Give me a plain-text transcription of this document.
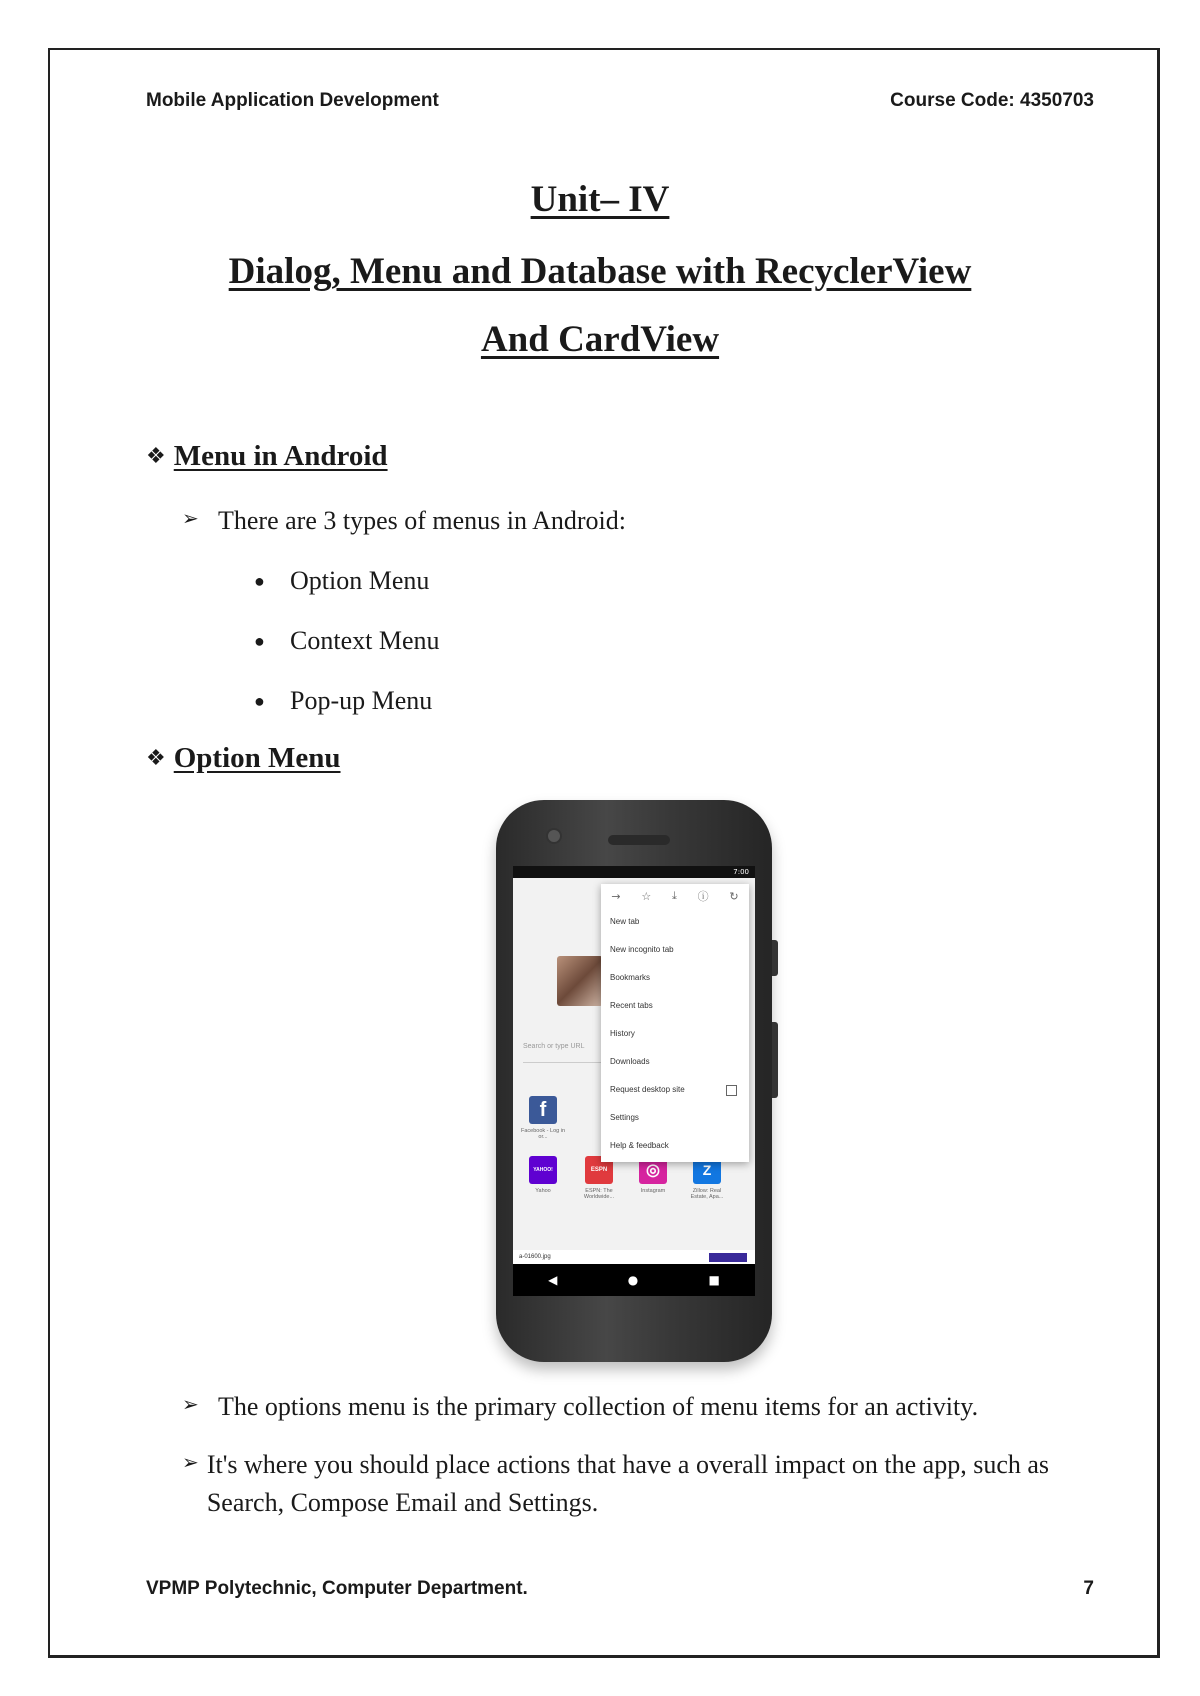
Mobile Application Development	Course Code: 4350703
Unit– IV
Dialog, Menu and Database with RecyclerView
And CardView
❖ Menu in Android
➢ There are 3 types of menus in Android:
● Option Menu
● Context Menu
● Pop-up Menu
❖ Option Menu
7:00
Search or type URL
f
Facebook - Log in or...
YAHOO!
Yahoo
ESPN
ESPN: The Worldwide...
◎
Instagram
Z
Zillow: Real Estate, Apa...
→ ☆ ⤓ ⓘ ↻
New tab
New incognito tab
Bookmarks
Recent tabs
History
Downloads
Request desktop site
Settings
Help & feedback
a-01600.jpg
◀	●	■
➢ The options menu is the primary collection of menu items for an activity.
➢ It's where you should place actions that have a overall impact on the app, such as Search, Compose Email and Settings.
VPMP Polytechnic, Computer Department.	7
